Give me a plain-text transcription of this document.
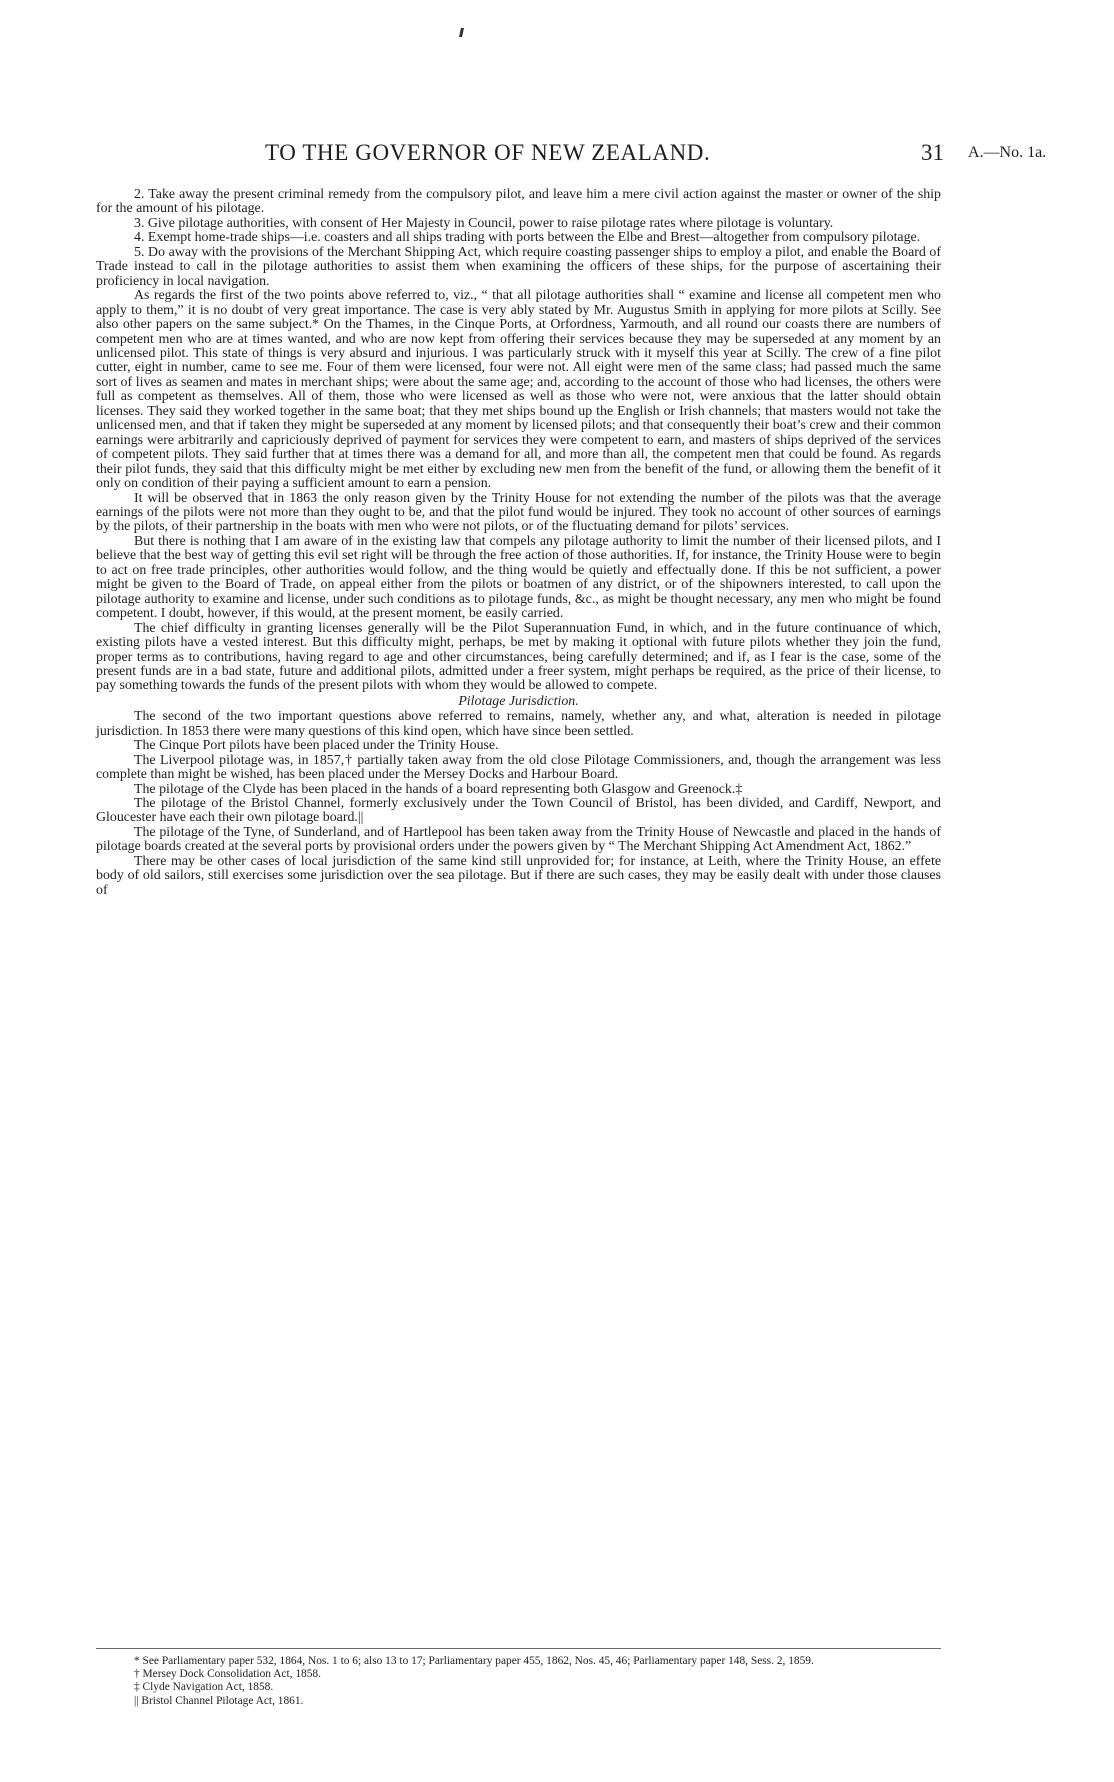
TO THE GOVERNOR OF NEW ZEALAND.	31 A.—No. 1a.

2. Take away the present criminal remedy from the compulsory pilot, and leave him a mere civil action against the master or owner of the ship for the amount of his pilotage.

3. Give pilotage authorities, with consent of Her Majesty in Council, power to raise pilotage rates where pilotage is voluntary.

4. Exempt home-trade ships—i.e. coasters and all ships trading with ports between the Elbe and Brest—altogether from compulsory pilotage.

5. Do away with the provisions of the Merchant Shipping Act, which require coasting passenger ships to employ a pilot, and enable the Board of Trade instead to call in the pilotage authorities to assist them when examining the officers of these ships, for the purpose of ascertaining their proficiency in local navigation.

As regards the first of the two points above referred to, viz., “ that all pilotage authorities shall “ examine and license all competent men who apply to them,” it is no doubt of very great importance. The case is very ably stated by Mr. Augustus Smith in applying for more pilots at Scilly. See also other papers on the same subject.* On the Thames, in the Cinque Ports, at Orfordness, Yarmouth, and all round our coasts there are numbers of competent men who are at times wanted, and who are now kept from offering their services because they may be superseded at any moment by an unlicensed pilot. This state of things is very absurd and injurious. I was particularly struck with it myself this year at Scilly. The crew of a fine pilot cutter, eight in number, came to see me. Four of them were licensed, four were not. All eight were men of the same class; had passed much the same sort of lives as seamen and mates in merchant ships; were about the same age; and, according to the account of those who had licenses, the others were full as competent as themselves. All of them, those who were licensed as well as those who were not, were anxious that the latter should obtain licenses. They said they worked together in the same boat; that they met ships bound up the English or Irish channels; that masters would not take the unlicensed men, and that if taken they might be superseded at any moment by licensed pilots; and that consequently their boat’s crew and their common earnings were arbitrarily and capriciously deprived of payment for services they were competent to earn, and masters of ships deprived of the services of competent pilots. They said further that at times there was a demand for all, and more than all, the competent men that could be found. As regards their pilot funds, they said that this difficulty might be met either by excluding new men from the benefit of the fund, or allowing them the benefit of it only on condition of their paying a sufficient amount to earn a pension.

It will be observed that in 1863 the only reason given by the Trinity House for not extending the number of the pilots was that the average earnings of the pilots were not more than they ought to be, and that the pilot fund would be injured. They took no account of other sources of earnings by the pilots, of their partnership in the boats with men who were not pilots, or of the fluctuating demand for pilots’ services.

But there is nothing that I am aware of in the existing law that compels any pilotage authority to limit the number of their licensed pilots, and I believe that the best way of getting this evil set right will be through the free action of those authorities. If, for instance, the Trinity House were to begin to act on free trade principles, other authorities would follow, and the thing would be quietly and effectually done. If this be not sufficient, a power might be given to the Board of Trade, on appeal either from the pilots or boatmen of any district, or of the shipowners interested, to call upon the pilotage authority to examine and license, under such conditions as to pilotage funds, &c., as might be thought necessary, any men who might be found competent. I doubt, however, if this would, at the present moment, be easily carried.

The chief difficulty in granting licenses generally will be the Pilot Superannuation Fund, in which, and in the future continuance of which, existing pilots have a vested interest. But this difficulty might, perhaps, be met by making it optional with future pilots whether they join the fund, proper terms as to contributions, having regard to age and other circumstances, being carefully determined; and if, as I fear is the case, some of the present funds are in a bad state, future and additional pilots, admitted under a freer system, might perhaps be required, as the price of their license, to pay something towards the funds of the present pilots with whom they would be allowed to compete.

Pilotage Jurisdiction.

The second of the two important questions above referred to remains, namely, whether any, and what, alteration is needed in pilotage jurisdiction. In 1853 there were many questions of this kind open, which have since been settled.

The Cinque Port pilots have been placed under the Trinity House.

The Liverpool pilotage was, in 1857,† partially taken away from the old close Pilotage Commissioners, and, though the arrangement was less complete than might be wished, has been placed under the Mersey Docks and Harbour Board.

The pilotage of the Clyde has been placed in the hands of a board representing both Glasgow and Greenock.‡

The pilotage of the Bristol Channel, formerly exclusively under the Town Council of Bristol, has been divided, and Cardiff, Newport, and Gloucester have each their own pilotage board.||

The pilotage of the Tyne, of Sunderland, and of Hartlepool has been taken away from the Trinity House of Newcastle and placed in the hands of pilotage boards created at the several ports by provisional orders under the powers given by “ The Merchant Shipping Act Amendment Act, 1862.”

There may be other cases of local jurisdiction of the same kind still unprovided for; for instance, at Leith, where the Trinity House, an effete body of old sailors, still exercises some jurisdiction over the sea pilotage. But if there are such cases, they may be easily dealt with under those clauses of

* See Parliamentary paper 532, 1864, Nos. 1 to 6; also 13 to 17; Parliamentary paper 455, 1862, Nos. 45, 46; Parliamentary paper 148, Sess. 2, 1859.

† Mersey Dock Consolidation Act, 1858.

‡ Clyde Navigation Act, 1858.

|| Bristol Channel Pilotage Act, 1861.
